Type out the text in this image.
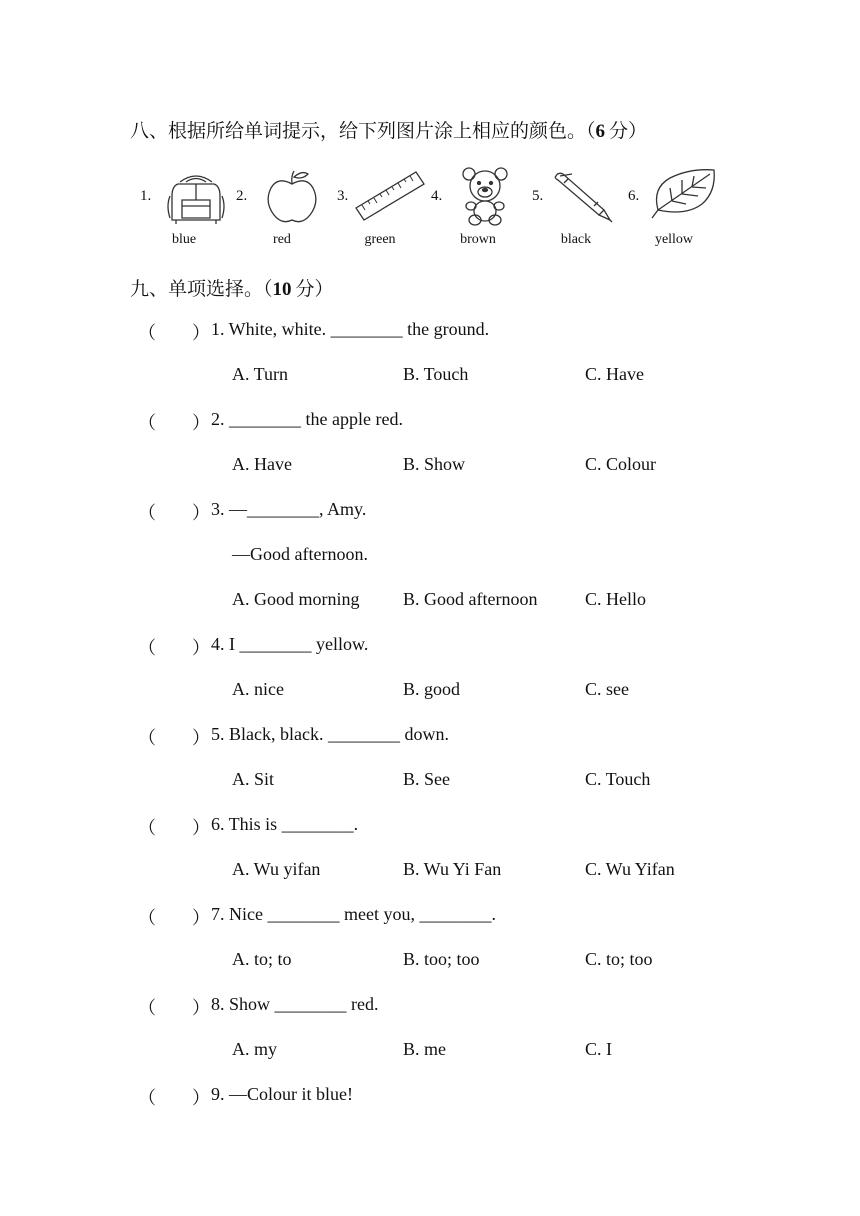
八、根据所给单词提示，给下列图片涂上相应的颜色。（6 分）
1.	2.	3.	4.	5.	6.
blue	red	green	brown	black	yellow
九、单项选择。（10 分）
（　　） 1. White, white. ________ the ground.
A. Turn	B. Touch	C. Have
（　　） 2. ________ the apple red.
A. Have	B. Show	C. Colour
（　　） 3. —________, Amy.
—Good afternoon.
A. Good morning B. Good afternoon	C. Hello
（　　） 4. I ________ yellow.
A. nice	B. good	C. see
（　　） 5. Black, black. ________ down.
A. Sit	B. See	C. Touch
（　　） 6. This is ________.
A. Wu yifan	B. Wu Yi Fan	C. Wu Yifan
（　　） 7. Nice ________ meet you, ________.
A. to; to	B. too; too	C. to; too
（　　） 8. Show ________ red.
A. my	B. me	C. I
（　　） 9. —Colour it blue!
